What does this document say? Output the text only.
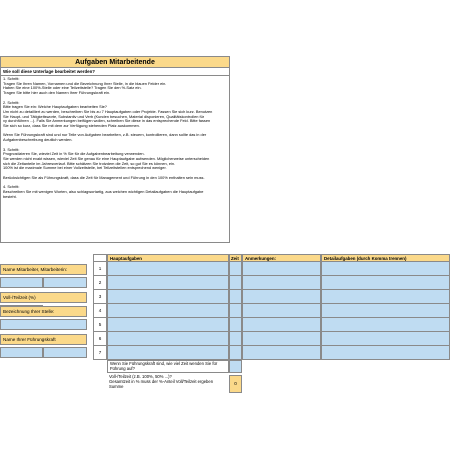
Aufgaben Mitarbeitende
Wie soll diese Unterlage bearbeitet werden?

1. Schritt:

Tragen Sie Ihren Namen, Vornamen und die Bezeichnung Ihrer Stelle, in die blauen Felder ein.

Haben Sie eine 100%-Stelle oder eine Teilzeitstelle? Tragen Sie den %-Satz ein.

Tragen Sie bitte hier auch den Namen Ihrer Führungskraft ein.

2. Schritt:

Bitte tragen Sie ein: Welche Hauptaufgaben bearbeiten Sie?

Um nicht zu detailliert zu werden, beschreiben Sie bis zu 7 Hauptaufgaben oder Projekte. Fassen Sie sich kurz. Benutzen

Sie Haupt- und Tätigkeitsworte, Substantiv und Verb (Kunden besuchen, Material disponieren, Qualitätskontrollen für

xy durchführen ...). Falls Sie Anmerkungen beifügen wollen, schreiben Sie diese in das entsprechende Feld. Bitte fassen

Sie sich so kurz, dass Sie mit dem zur Verfügung stehenden Platz auskommen.

Wenn Sie Führungskraft sind und nur Teile von Aufgaben bearbeiten, z.B. steuern, kontrollieren, dann sollte das in der

Aufgabenbeschreibung deutlich werden.

3. Schritt:

Prognostizieren Sie, wieviel Zeit in % Sie für die Aufgabenbearbeitung verwenden.

Sie werden nicht exakt wissen, wieviel Zeit Sie genau für eine Hauptaufgabe aufwenden. Möglicherweise unterscheiden

sich die Zeitanteile im Jahresverlauf. Bitte schätzen Sie trotzdem die Zeit, so gut Sie es können, ein.

100% ist die maximale Summe bei einer Vollzeitstelle, bei Teilzeitstellen entsprechend weniger.

Berücksichtigen Sie als Führungskraft, dass die Zeit für Management und Führung in den 100% enthalten sein muss.

4. Schritt:

Beschreiben Sie mit wenigen Worten, also schlagwortartig, aus welchen wichtigen Detailaufgaben die Hauptaufgabe

besteht.

Name Mitarbeiter, Mitarbeiterin:
Voll-/Teilzeit (%)
Bezeichnung Ihrer Stelle:
Name Ihrer Führungskraft
Hauptaufgaben	Zeit	Anmerkungen:	Detailaufgaben (durch Komma trennen)
1
2
3
4
5
6
7
Wenn Sie Führungskraft sind, wie viel Zeit wenden Sie für Führung auf?
Voll-/Teilzeit (z.B. 100%, 50% ...)?
Gesamtzeit in % muss der %-Anteil Voll/Teilzeit ergeben
Summe
0
